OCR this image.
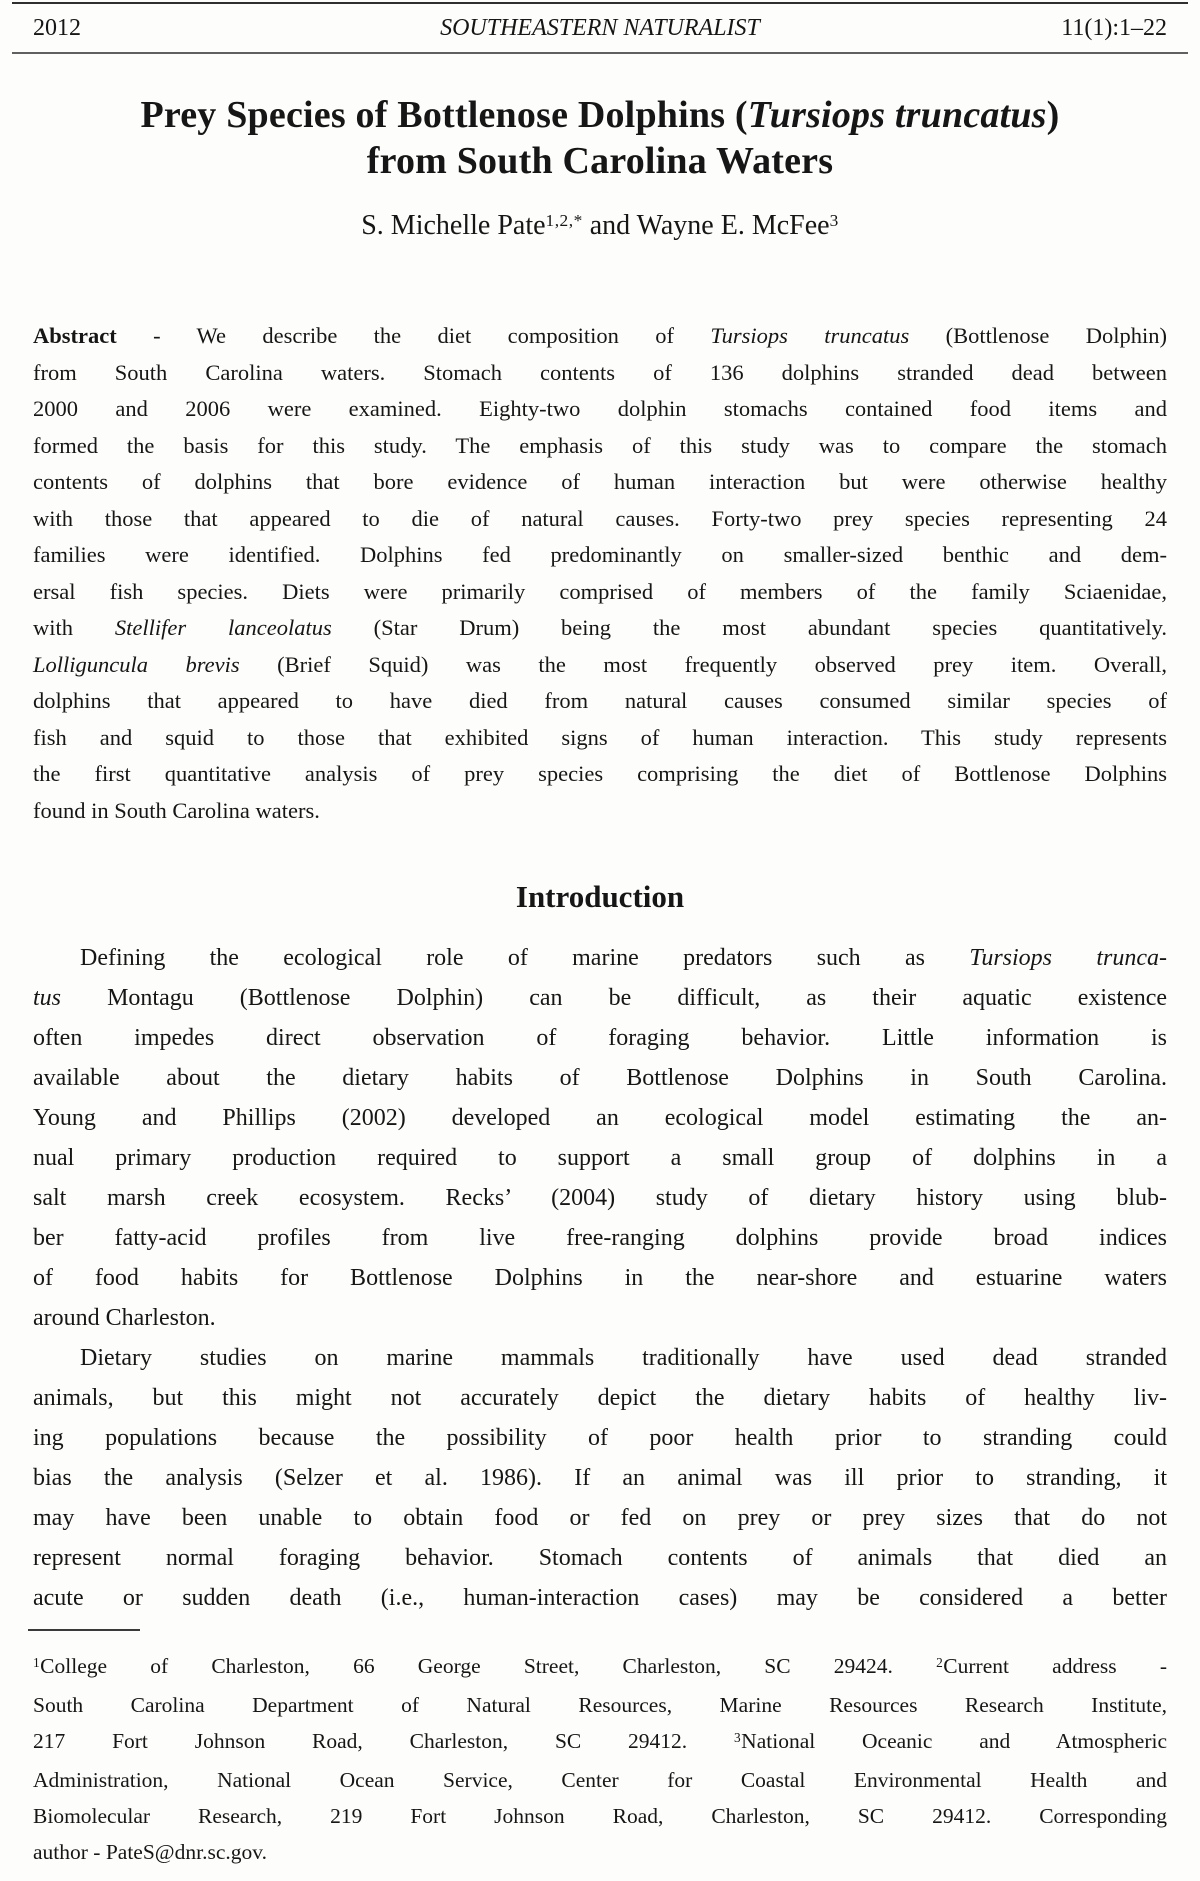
2012	SOUTHEASTERN NATURALIST	11(1):1–22
Prey Species of Bottlenose Dolphins (Tursiops truncatus)
from South Carolina Waters
S. Michelle Pate$^{1,2,*}$ and Wayne E. McFee$^3$
Abstract - We describe the diet composition of Tursiops truncatus (Bottlenose Dolphin)
from South Carolina waters. Stomach contents of 136 dolphins stranded dead between
2000 and 2006 were examined. Eighty-two dolphin stomachs contained food items and
formed the basis for this study. The emphasis of this study was to compare the stomach
contents of dolphins that bore evidence of human interaction but were otherwise healthy
with those that appeared to die of natural causes. Forty-two prey species representing 24
families were identified. Dolphins fed predominantly on smaller-sized benthic and dem-
ersal fish species. Diets were primarily comprised of members of the family Sciaenidae,
with Stellifer lanceolatus (Star Drum) being the most abundant species quantitatively.
Lolliguncula brevis (Brief Squid) was the most frequently observed prey item. Overall,
dolphins that appeared to have died from natural causes consumed similar species of
fish and squid to those that exhibited signs of human interaction. This study represents
the first quantitative analysis of prey species comprising the diet of Bottlenose Dolphins
found in South Carolina waters.
Introduction
Defining the ecological role of marine predators such as Tursiops trunca-
tus Montagu (Bottlenose Dolphin) can be difficult, as their aquatic existence
often impedes direct observation of foraging behavior. Little information is
available about the dietary habits of Bottlenose Dolphins in South Carolina.
Young and Phillips (2002) developed an ecological model estimating the an-
nual primary production required to support a small group of dolphins in a
salt marsh creek ecosystem. Recks’ (2004) study of dietary history using blub-
ber fatty-acid profiles from live free-ranging dolphins provide broad indices
of food habits for Bottlenose Dolphins in the near-shore and estuarine waters
around Charleston.
Dietary studies on marine mammals traditionally have used dead stranded
animals, but this might not accurately depict the dietary habits of healthy liv-
ing populations because the possibility of poor health prior to stranding could
bias the analysis (Selzer et al. 1986). If an animal was ill prior to stranding, it
may have been unable to obtain food or fed on prey or prey sizes that do not
represent normal foraging behavior. Stomach contents of animals that died an
acute or sudden death (i.e., human-interaction cases) may be considered a better
$^1$College of Charleston, 66 George Street, Charleston, SC 29424. $^2$Current address -
South Carolina Department of Natural Resources, Marine Resources Research Institute,
217 Fort Johnson Road, Charleston, SC 29412. $^3$National Oceanic and Atmospheric
Administration, National Ocean Service, Center for Coastal Environmental Health and
Biomolecular Research, 219 Fort Johnson Road, Charleston, SC 29412. Corresponding
author - PateS@dnr.sc.gov.
